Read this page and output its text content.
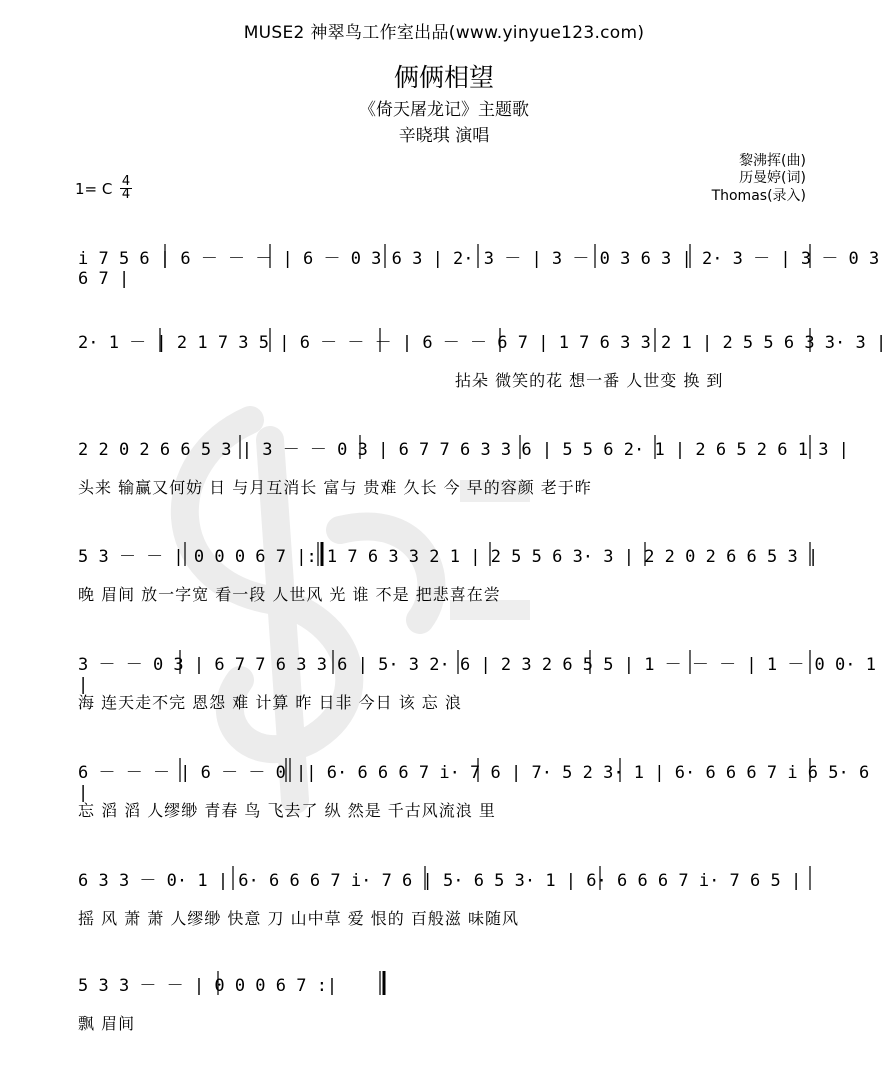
MUSE2 神翠鸟工作室出品(www.yinyue123.com)
俩俩相望
《倚天屠龙记》主题歌
辛晓琪 演唱
黎沸挥(曲)
历曼婷(词)
Thomas(录入)
1= C 4
4
i 7 5 6 | 6 － － － | 6 － 0 3 6 3 | 2· 3 － | 3 － 0 3 6 3 | 2· 3 － | 3 － 0 3 6 7 |
2· 1 － | 2 1 7 3 5 | 6 － － － | 6 － － 6 7 | 1 7 6 3 3 2 1 | 2 5 5 6 3 3· 3 |
拈朵 微笑的花 想一番 人世变 换 到
2 2 0 2 6 6 5 3 | 3 － － 0 3 | 6 7 7 6 3 3 6 | 5 5 6 2· 1 | 2 6 5 2 6 1 3 |
头来 输赢又何妨 日 与月互消长 富与 贵难 久长 今 早的容颜 老于昨
5 3 － － | 0 0 0 6 7 |: 1 7 6 3 3 2 1 | 2 5 5 6 3· 3 | 2 2 0 2 6 6 5 3 |
晚 眉间 放一字宽 看一段 人世风 光 谁 不是 把悲喜在尝
3 － － 0 3 | 6 7 7 6 3 3 6 | 5· 3 2· 6 | 2 3 2 6 5 5 | 1 － － － | 1 － 0 0· 1 |
海 连天走不完 恩怨 难 计算 昨 日非 今日 该 忘 浪
6 － － － | 6 － － 0 || 6· 6 6 6 7 i· 7 6 | 7· 5 2 3· 1 | 6· 6 6 6 7 i 6 5· 6 |
忘 滔 滔 人缪缈 青春 鸟 飞去了 纵 然是 千古风流浪 里
6 3 3 － 0· 1 | 6· 6 6 6 7 i· 7 6 | 5· 6 5 3· 1 | 6· 6 6 6 7 i· 7 6 5 |
摇 风 萧 萧 人缪缈 快意 刀 山中草 爱 恨的 百般滋 味随风
5 3 3 － － | 0 0 0 6 7 :|
飘 眉间
